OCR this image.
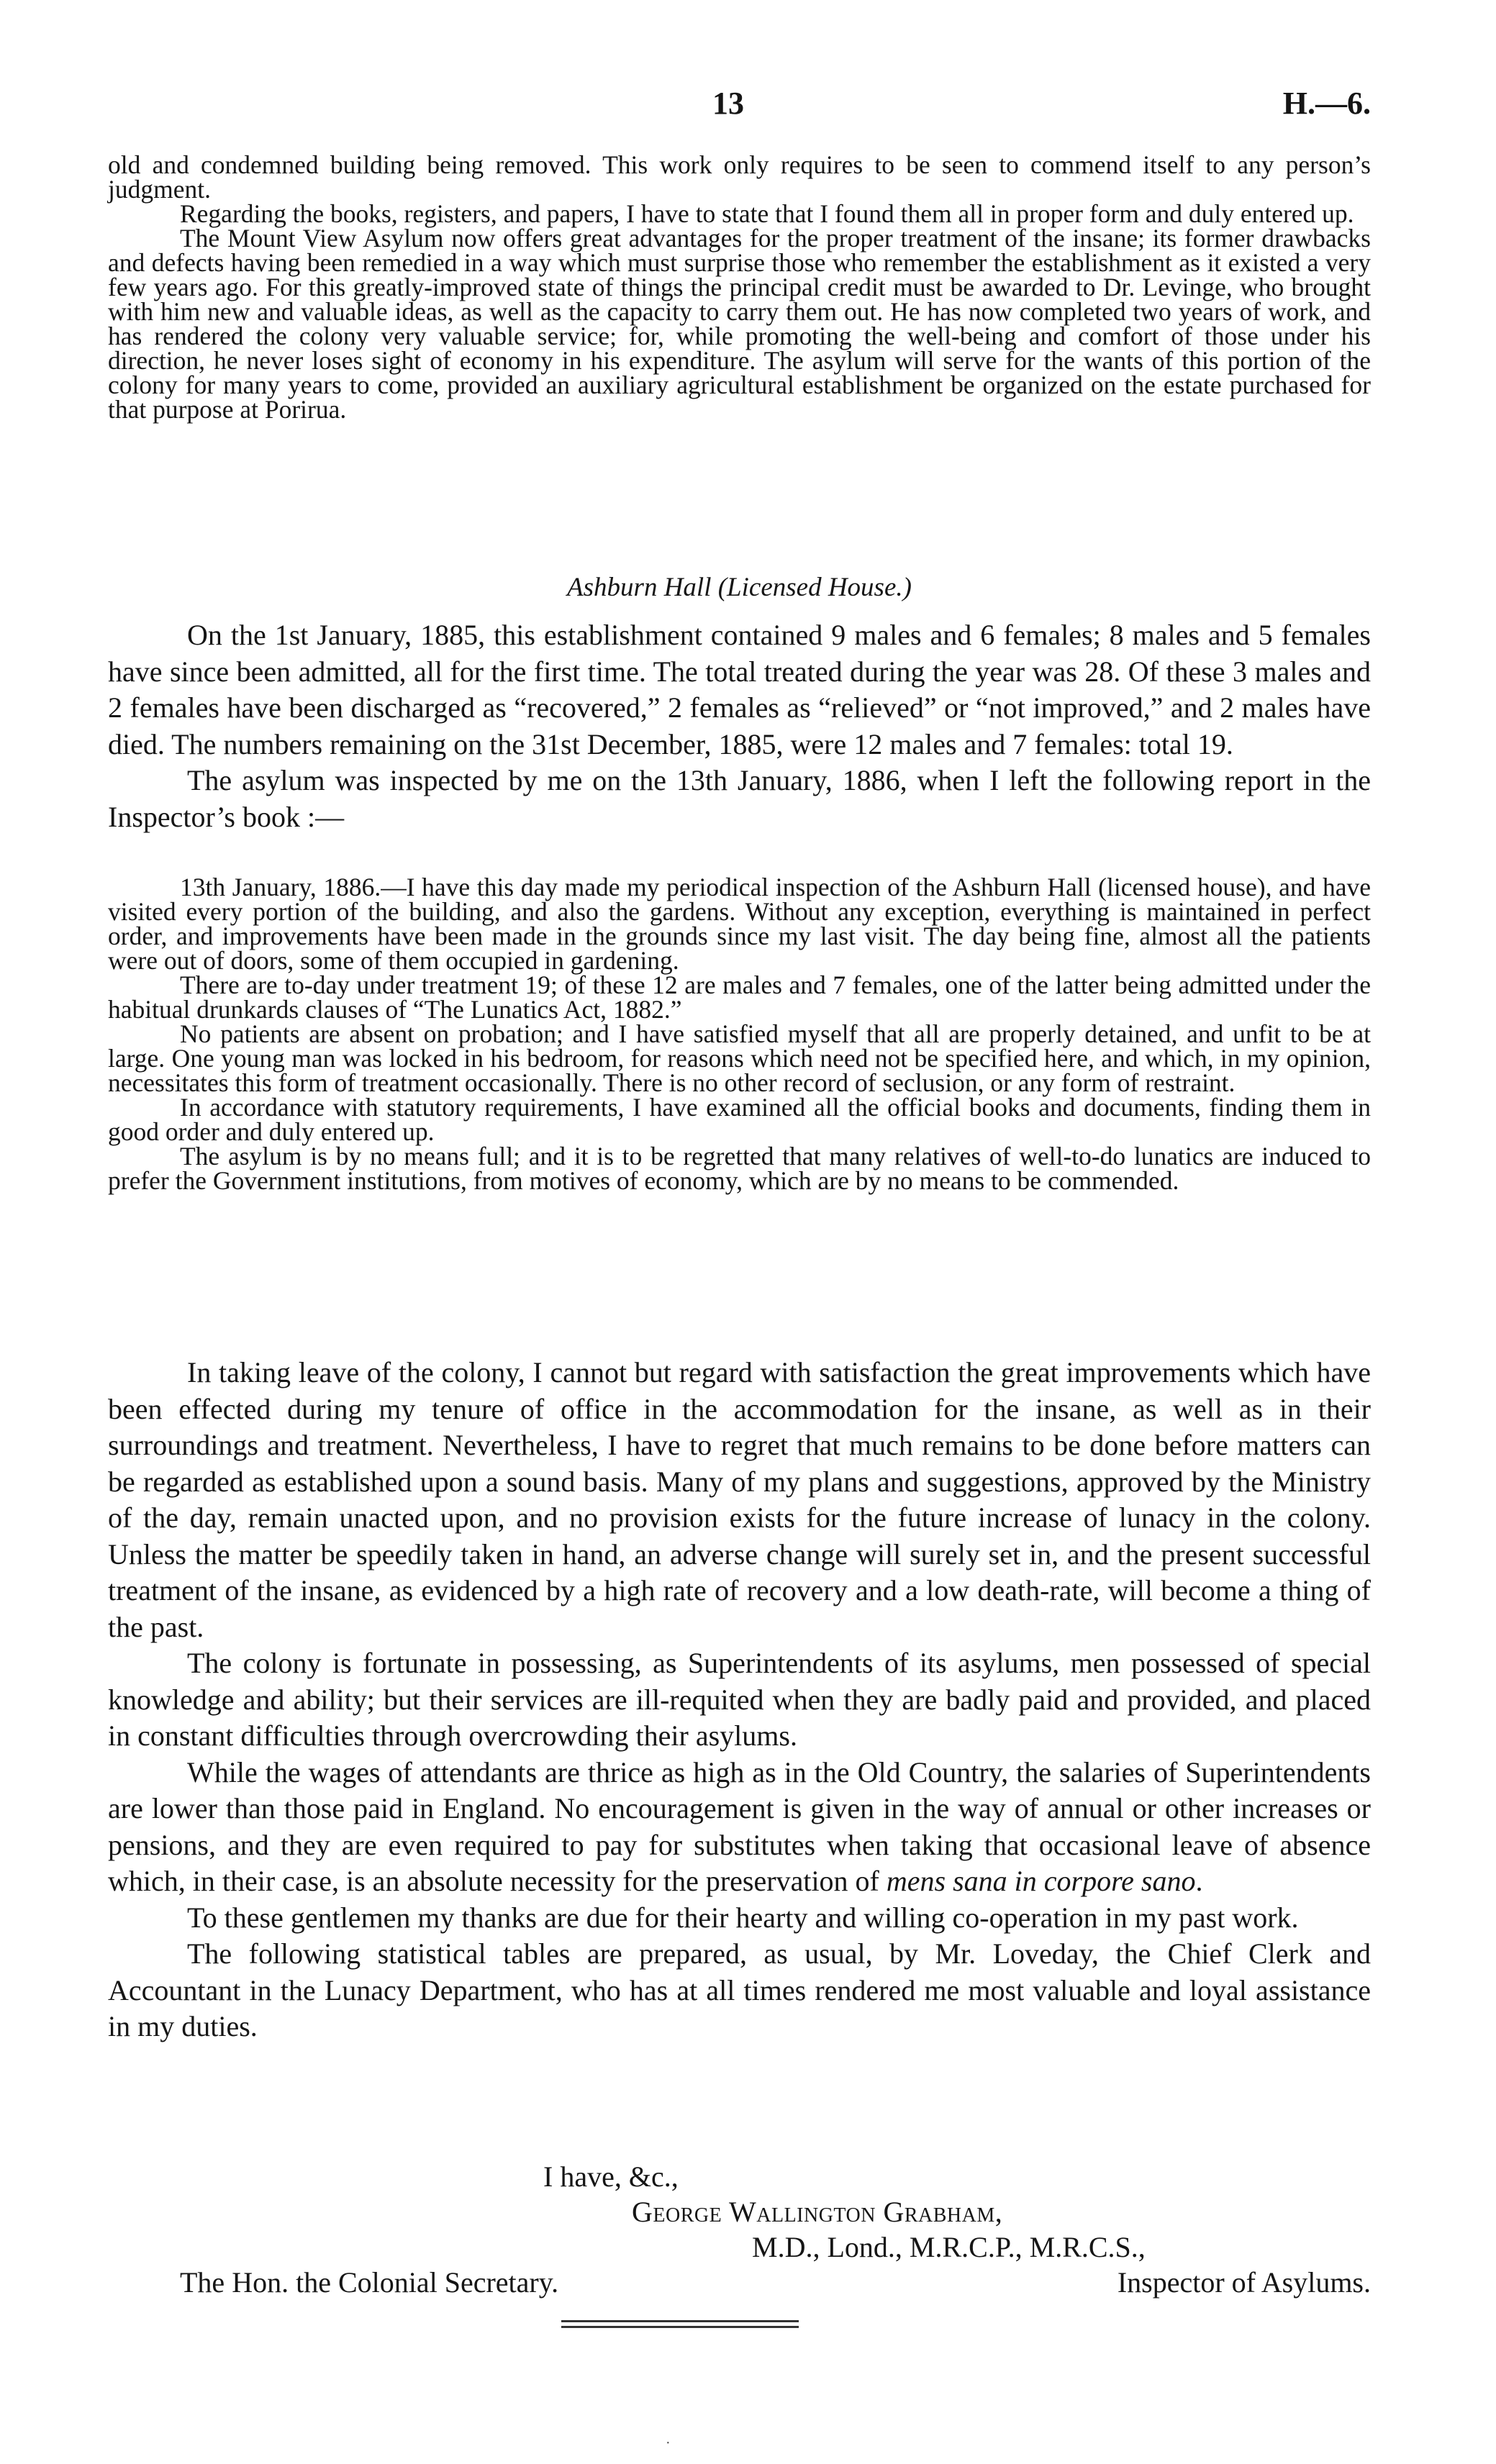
13	H.—6.

old and condemned building being removed. This work only requires to be seen to commend itself to any person’s judgment.

Regarding the books, registers, and papers, I have to state that I found them all in proper form and duly entered up.

The Mount View Asylum now offers great advantages for the proper treatment of the insane; its former drawbacks and defects having been remedied in a way which must surprise those who remember the establishment as it existed a very few years ago. For this greatly-improved state of things the principal credit must be awarded to Dr. Levinge, who brought with him new and valuable ideas, as well as the capacity to carry them out. He has now completed two years of work, and has rendered the colony very valuable service; for, while promoting the well-being and comfort of those under his direction, he never loses sight of economy in his expenditure. The asylum will serve for the wants of this portion of the colony for many years to come, provided an auxiliary agricultural establishment be organized on the estate purchased for that purpose at Porirua.

Ashburn Hall (Licensed House.)

On the 1st January, 1885, this establishment contained 9 males and 6 females; 8 males and 5 females have since been admitted, all for the first time. The total treated during the year was 28. Of these 3 males and 2 females have been discharged as “recovered,” 2 females as “relieved” or “not improved,” and 2 males have died. The numbers remaining on the 31st December, 1885, were 12 males and 7 females: total 19.

The asylum was inspected by me on the 13th January, 1886, when I left the following report in the Inspector’s book :—

13th January, 1886.—I have this day made my periodical inspection of the Ashburn Hall (licensed house), and have visited every portion of the building, and also the gardens. Without any exception, everything is maintained in perfect order, and improvements have been made in the grounds since my last visit. The day being fine, almost all the patients were out of doors, some of them occupied in gardening.

There are to-day under treatment 19; of these 12 are males and 7 females, one of the latter being admitted under the habitual drunkards clauses of “The Lunatics Act, 1882.”

No patients are absent on probation; and I have satisfied myself that all are properly detained, and unfit to be at large. One young man was locked in his bedroom, for reasons which need not be specified here, and which, in my opinion, necessitates this form of treatment occasionally. There is no other record of seclusion, or any form of restraint.

In accordance with statutory requirements, I have examined all the official books and documents, finding them in good order and duly entered up.

The asylum is by no means full; and it is to be regretted that many relatives of well-to-do lunatics are induced to prefer the Government institutions, from motives of economy, which are by no means to be commended.

In taking leave of the colony, I cannot but regard with satisfaction the great improvements which have been effected during my tenure of office in the accommodation for the insane, as well as in their surroundings and treatment. Nevertheless, I have to regret that much remains to be done before matters can be regarded as established upon a sound basis. Many of my plans and suggestions, approved by the Ministry of the day, remain unacted upon, and no provision exists for the future increase of lunacy in the colony. Unless the matter be speedily taken in hand, an adverse change will surely set in, and the present successful treatment of the insane, as evidenced by a high rate of recovery and a low death-rate, will become a thing of the past.

The colony is fortunate in possessing, as Superintendents of its asylums, men possessed of special knowledge and ability; but their services are ill-requited when they are badly paid and provided, and placed in constant difficulties through overcrowding their asylums.

While the wages of attendants are thrice as high as in the Old Country, the salaries of Superintendents are lower than those paid in England. No encouragement is given in the way of annual or other increases or pensions, and they are even required to pay for substitutes when taking that occasional leave of absence which, in their case, is an absolute necessity for the preservation of mens sana in corpore sano.

To these gentlemen my thanks are due for their hearty and willing co-operation in my past work.

The following statistical tables are prepared, as usual, by Mr. Loveday, the Chief Clerk and Accountant in the Lunacy Department, who has at all times rendered me most valuable and loyal assistance in my duties.

I have, &c.,
George Wallington Grabham,
M.D., Lond., M.R.C.P., M.R.C.S.,
The Hon. the Colonial Secretary.	Inspector of Asylums.
·
